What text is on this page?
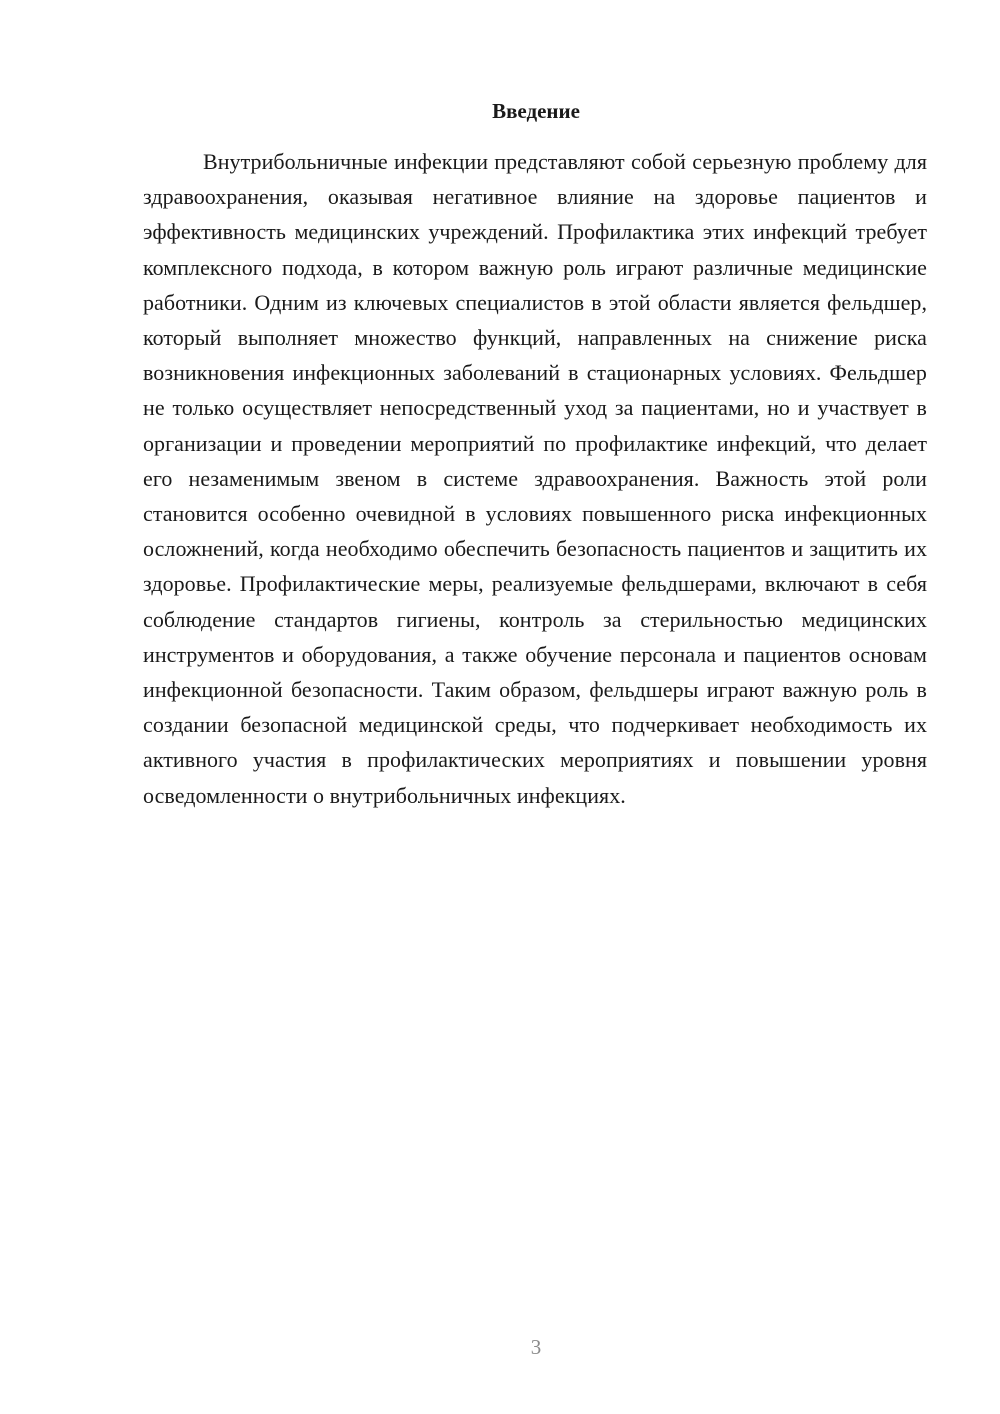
Введение

Внутрибольничные инфекции представляют собой серьезную проблему для здравоохранения, оказывая негативное влияние на здоровье пациентов и эффективность медицинских учреждений. Профилактика этих инфекций требует комплексного подхода, в котором важную роль играют различные медицинские работники. Одним из ключевых специалистов в этой области является фельдшер, который выполняет множество функций, направленных на снижение риска возникновения инфекционных заболеваний в стационарных условиях. Фельдшер не только осуществляет непосредственный уход за пациентами, но и участвует в организации и проведении мероприятий по профилактике инфекций, что делает его незаменимым звеном в системе здравоохранения. Важность этой роли становится особенно очевидной в условиях повышенного риска инфекционных осложнений, когда необходимо обеспечить безопасность пациентов и защитить их здоровье. Профилактические меры, реализуемые фельдшерами, включают в себя соблюдение стандартов гигиены, контроль за стерильностью медицинских инструментов и оборудования, а также обучение персонала и пациентов основам инфекционной безопасности. Таким образом, фельдшеры играют важную роль в создании безопасной медицинской среды, что подчеркивает необходимость их активного участия в профилактических мероприятиях и повышении уровня осведомленности о внутрибольничных инфекциях.

3
